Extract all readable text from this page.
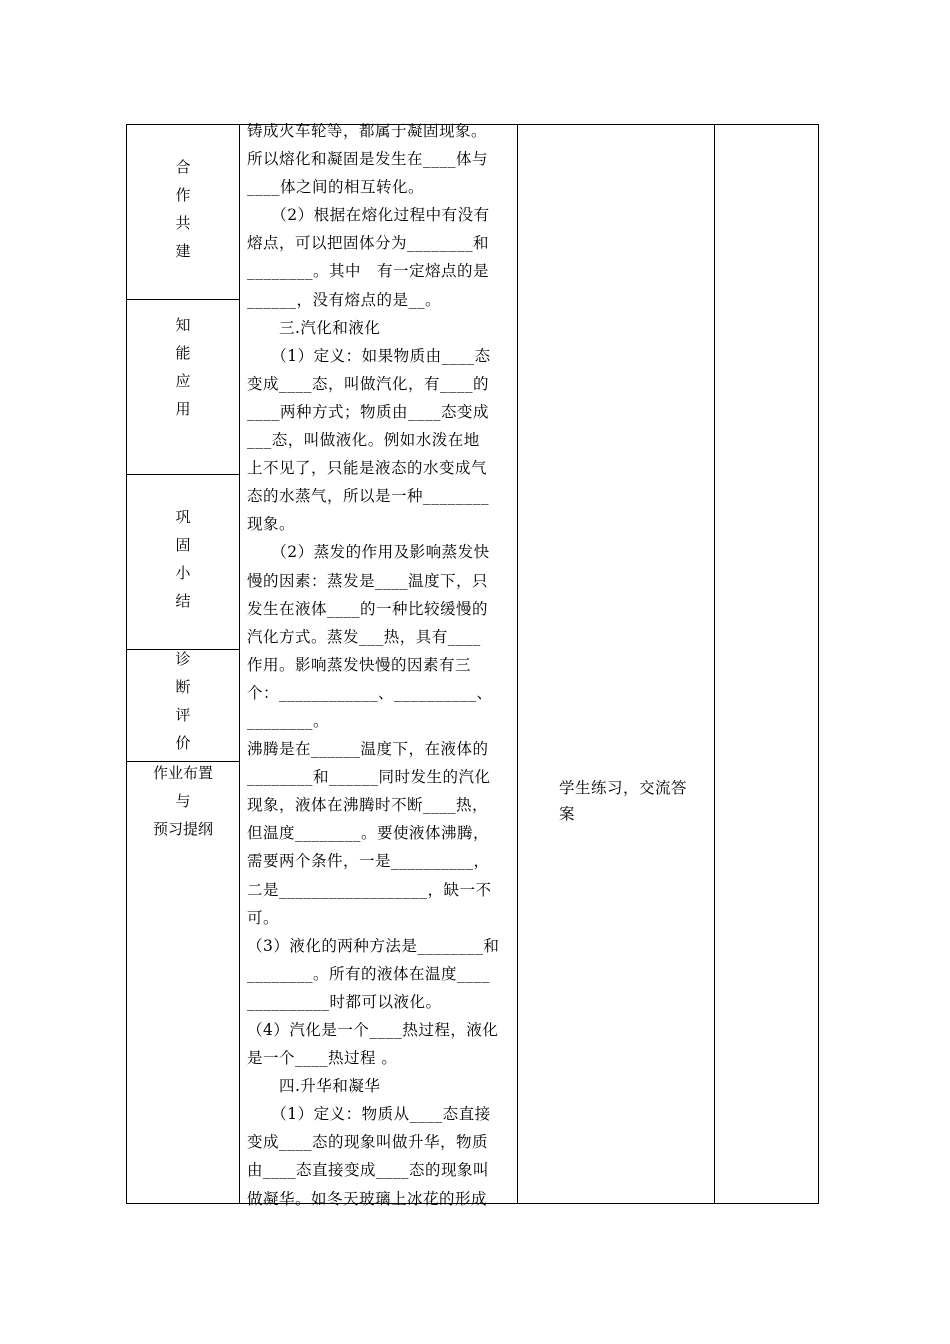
合
作
共
建
知
能
应
用
巩
固
小
结
诊
断
评
价
作业布置
与
预习提纲

铸成火车轮等，都属于凝固现象。

所以熔化和凝固是发生在____体与

____体之间的相互转化。

　　（2）根据在熔化过程中有没有

熔点，可以把固体分为________和

________。其中　有一定熔点的是

______，没有熔点的是__。

　　三.汽化和液化

　　（1）定义：如果物质由____态

变成____态，叫做汽化，有____的

____两种方式；物质由____态变成

___态，叫做液化。例如水泼在地

上不见了，只能是液态的水变成气

态的水蒸气，所以是一种________

现象。

　　（2）蒸发的作用及影响蒸发快

慢的因素：蒸发是____温度下，只

发生在液体____的一种比较缓慢的

汽化方式。蒸发___热，具有____

作用。影响蒸发快慢的因素有三

个：____________、__________、

________。

沸腾是在______温度下，在液体的

________和______同时发生的汽化

现象，液体在沸腾时不断____热，

但温度________。要使液体沸腾，

需要两个条件，一是__________，

二是__________________，缺一不

可。

（3）液化的两种方法是________和

________。所有的液体在温度____

__________时都可以液化。

（4）汽化是一个____热过程，液化

是一个____热过程 。

　　四.升华和凝华

　　（1）定义：物质从____态直接

变成____态的现象叫做升华，物质

由____态直接变成____态的现象叫

做凝华。如冬天玻璃上冰花的形成

学生练习，交流答
案
